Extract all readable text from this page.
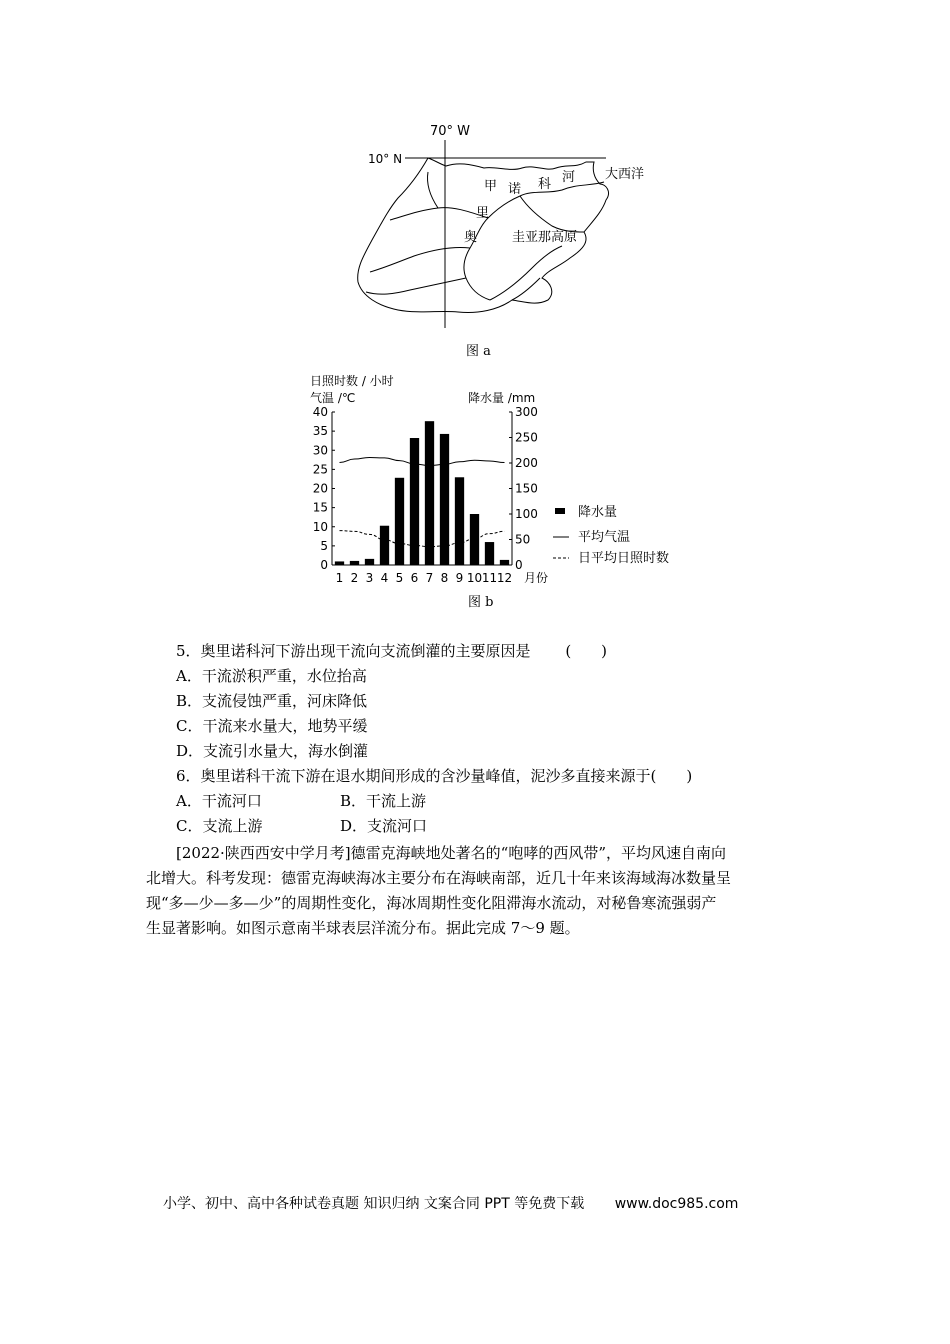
70° W
10° N
大西洋
甲 诺 科 河
里
奥	圭亚那高原
图 a
日照时数 / 小时
气温 /℃	降水量 /mm
0
5
10
15
20
25
30
35
40
0
50
100
150
200
250
300
1 2 3 4 5 6 7 8 9 10 11 12
降水量
平均气温
日平均日照时数
月份
图 b
5．奥里诺科河下游出现干流向支流倒灌的主要原因是 (　　)
A．干流淤积严重，水位抬高
B．支流侵蚀严重，河床降低
C．干流来水量大，地势平缓
D．支流引水量大，海水倒灌
6．奥里诺科干流下游在退水期间形成的含沙量峰值，泥沙多直接来源于(　　)
A．干流河口	B．干流上游
C．支流上游	D．支流河口
[2022·陕西西安中学月考]德雷克海峡地处著名的“咆哮的西风带”，平均风速自南向
北增大。科考发现：德雷克海峡海冰主要分布在海峡南部，近几十年来该海域海冰数量呈
现“多—少—多—少”的周期性变化，海冰周期性变化阻滞海水流动，对秘鲁寒流强弱产
生显著影响。如图示意南半球表层洋流分布。据此完成 7～9 题。
小学、初中、高中各种试卷真题 知识归纳 文案合同 PPT 等免费下载 www.doc985.com
